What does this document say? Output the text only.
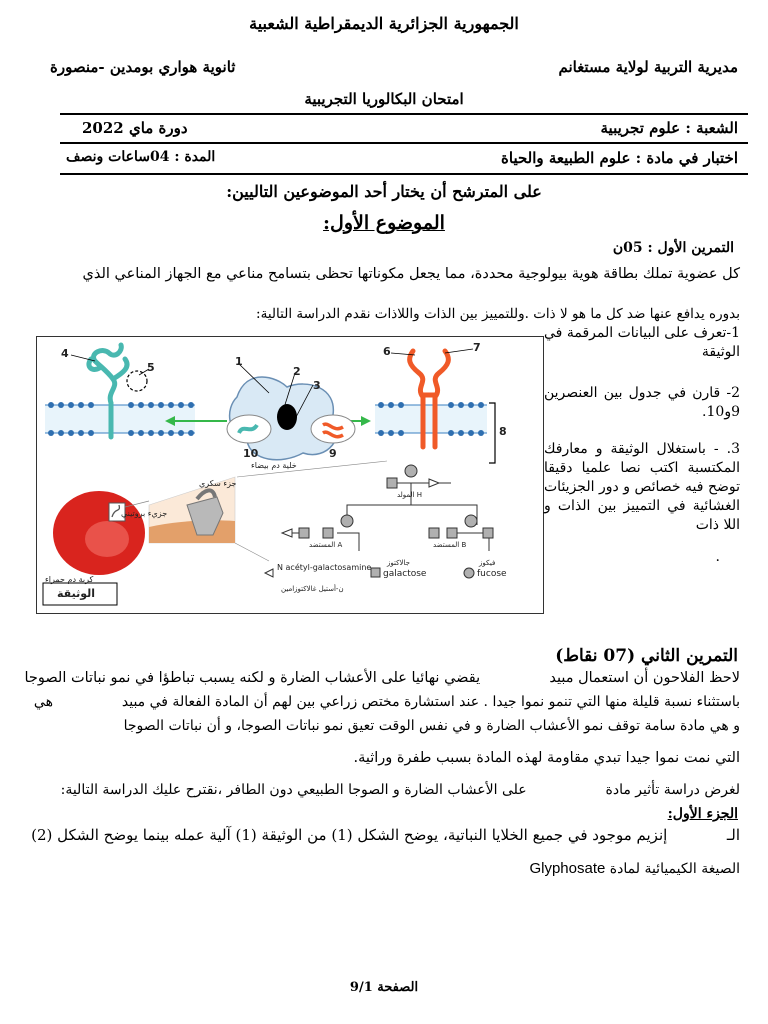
الجمهورية الجزائرية الديمقراطية الشعبية
مديرية التربية لولاية مستغانم
ثانوية هواري بومدين -منصورة
امتحان البكالوريا التجريبية
الشعبة : علوم تجريبية
دورة ماي 2022
اختبار في مادة : علوم الطبيعة والحياة
المدة : 04ساعات ونصف
على المترشح أن يختار أحد الموضوعين التاليين:
الموضوع الأول:
التمرين الأول : 05ن
كل عضوية تملك بطاقة هوية بيولوجية محددة، مما يجعل مكوناتها تحظى بتسامح مناعي مع الجهاز المناعي الذي
بدوره يدافع عنها ضد كل ما هو لا ذات .وللتمييز بين الذات واللاذات نقدم الدراسة التالية:
1
2
3
4
5
6	7
8
9
10
خلية دم بيضاء
كرية دم حمراء
جزء سكري
جزيء بروتيني
الوثيقة
H المولد
A المستضد	B المستضد
N acétyl-galactosamine
ن-أستيل غالاكتوزامين
galactose
جالاكتوز
fucose
فيكوز
1-تعرف على البيانات المرقمة في الوثيقة
2- قارن في جدول بين العنصرين 9و10.
3. - باستغلال الوثيقة و معارفك المكتسبة اكتب نصا علميا دقيقا توضح فيه خصائص و دور الجزيئات الغشائية في التمييز بين الذات و اللا ذات
.
التمرين الثاني (07 نقاط)
لاحظ الفلاحون أن استعمال مبيد  يقضي نهائيا على الأعشاب الضارة و لكنه يسبب تباطؤا في نمو نباتات الصوجا
باستثناء نسبة قليلة منها التي تنمو نموا جيدا . عند استشارة مختص زراعي بين لهم أن المادة الفعالة في مبيد  هي
و هي مادة سامة توقف نمو الأعشاب الضارة و في نفس الوقت تعيق نمو نباتات الصوجا، و أن نباتات الصوجا
التي نمت نموا جيدا تبدي مقاومة لهذه المادة بسبب طفرة وراثية.
لغرض دراسة تأثير مادة  على الأعشاب الضارة و الصوجا الطبيعي دون الطافر ،نقترح عليك الدراسة التالية:
الجزء الأول:
الـ  إنزيم موجود في جميع الخلايا النباتية، يوضح الشكل (1) من الوثيقة (1) آلية عمله بينما يوضح الشكل (2)
الصيغة الكيميائية لمادة Glyphosate
الصفحة 9/1
